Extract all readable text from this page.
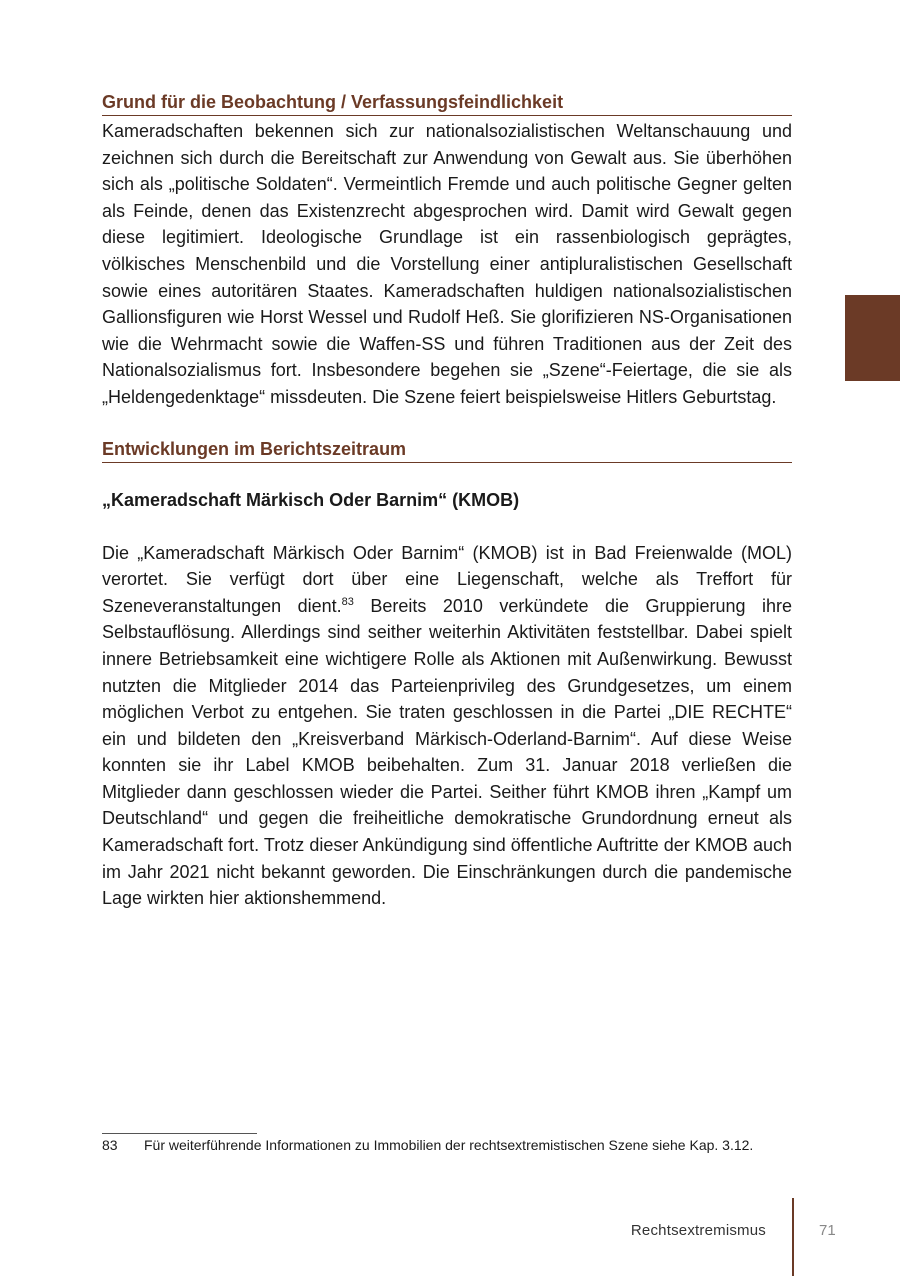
Grund für die Beobachtung / Verfassungsfeindlichkeit

Kameradschaften bekennen sich zur nationalsozialistischen Weltanschauung und zeichnen sich durch die Bereitschaft zur Anwendung von Gewalt aus. Sie überhöhen sich als „politische Soldaten“. Vermeintlich Fremde und auch politische Gegner gelten als Feinde, denen das Existenzrecht abgesprochen wird. Damit wird Gewalt gegen diese legitimiert. Ideologische Grundlage ist ein rassenbiologisch geprägtes, völkisches Menschenbild und die Vorstellung einer antipluralistischen Gesellschaft sowie eines autoritären Staates. Kameradschaften huldigen nationalsozialistischen Gallionsfiguren wie Horst Wessel und Rudolf Heß. Sie glorifizieren NS-Organisationen wie die Wehrmacht sowie die Waffen-SS und führen Traditionen aus der Zeit des Nationalsozialismus fort. Insbesondere begehen sie „Szene“-Feiertage, die sie als „Heldengedenktage“ missdeuten. Die Szene feiert beispielsweise Hitlers Geburtstag.

Entwicklungen im Berichtszeitraum
„Kameradschaft Märkisch Oder Barnim“ (KMOB)

Die „Kameradschaft Märkisch Oder Barnim“ (KMOB) ist in Bad Freienwalde (MOL) verortet. Sie verfügt dort über eine Liegenschaft, welche als Treffort für Szeneveranstaltungen dient.$^{83}$ Bereits 2010 verkündete die Gruppierung ihre Selbstauflösung. Allerdings sind seither weiterhin Aktivitäten feststellbar. Dabei spielt innere Betriebsamkeit eine wichtigere Rolle als Aktionen mit Außenwirkung. Bewusst nutzten die Mitglieder 2014 das Parteienprivileg des Grundgesetzes, um einem möglichen Verbot zu entgehen. Sie traten geschlossen in die Partei „DIE RECHTE“ ein und bildeten den „Kreisverband Märkisch-Oderland-Barnim“. Auf diese Weise konnten sie ihr Label KMOB beibehalten. Zum 31. Januar 2018 verließen die Mitglieder dann geschlossen wieder die Partei. Seither führt KMOB ihren „Kampf um Deutschland“ und gegen die freiheitliche demokratische Grundordnung erneut als Kameradschaft fort. Trotz dieser Ankündigung sind öffentliche Auftritte der KMOB auch im Jahr 2021 nicht bekannt geworden. Die Einschränkungen durch die pandemische Lage wirkten hier aktionshemmend.

83 Für weiterführende Informationen zu Immobilien der rechtsextremistischen Szene siehe Kap. 3.12.
Rechtsextremismus	71
